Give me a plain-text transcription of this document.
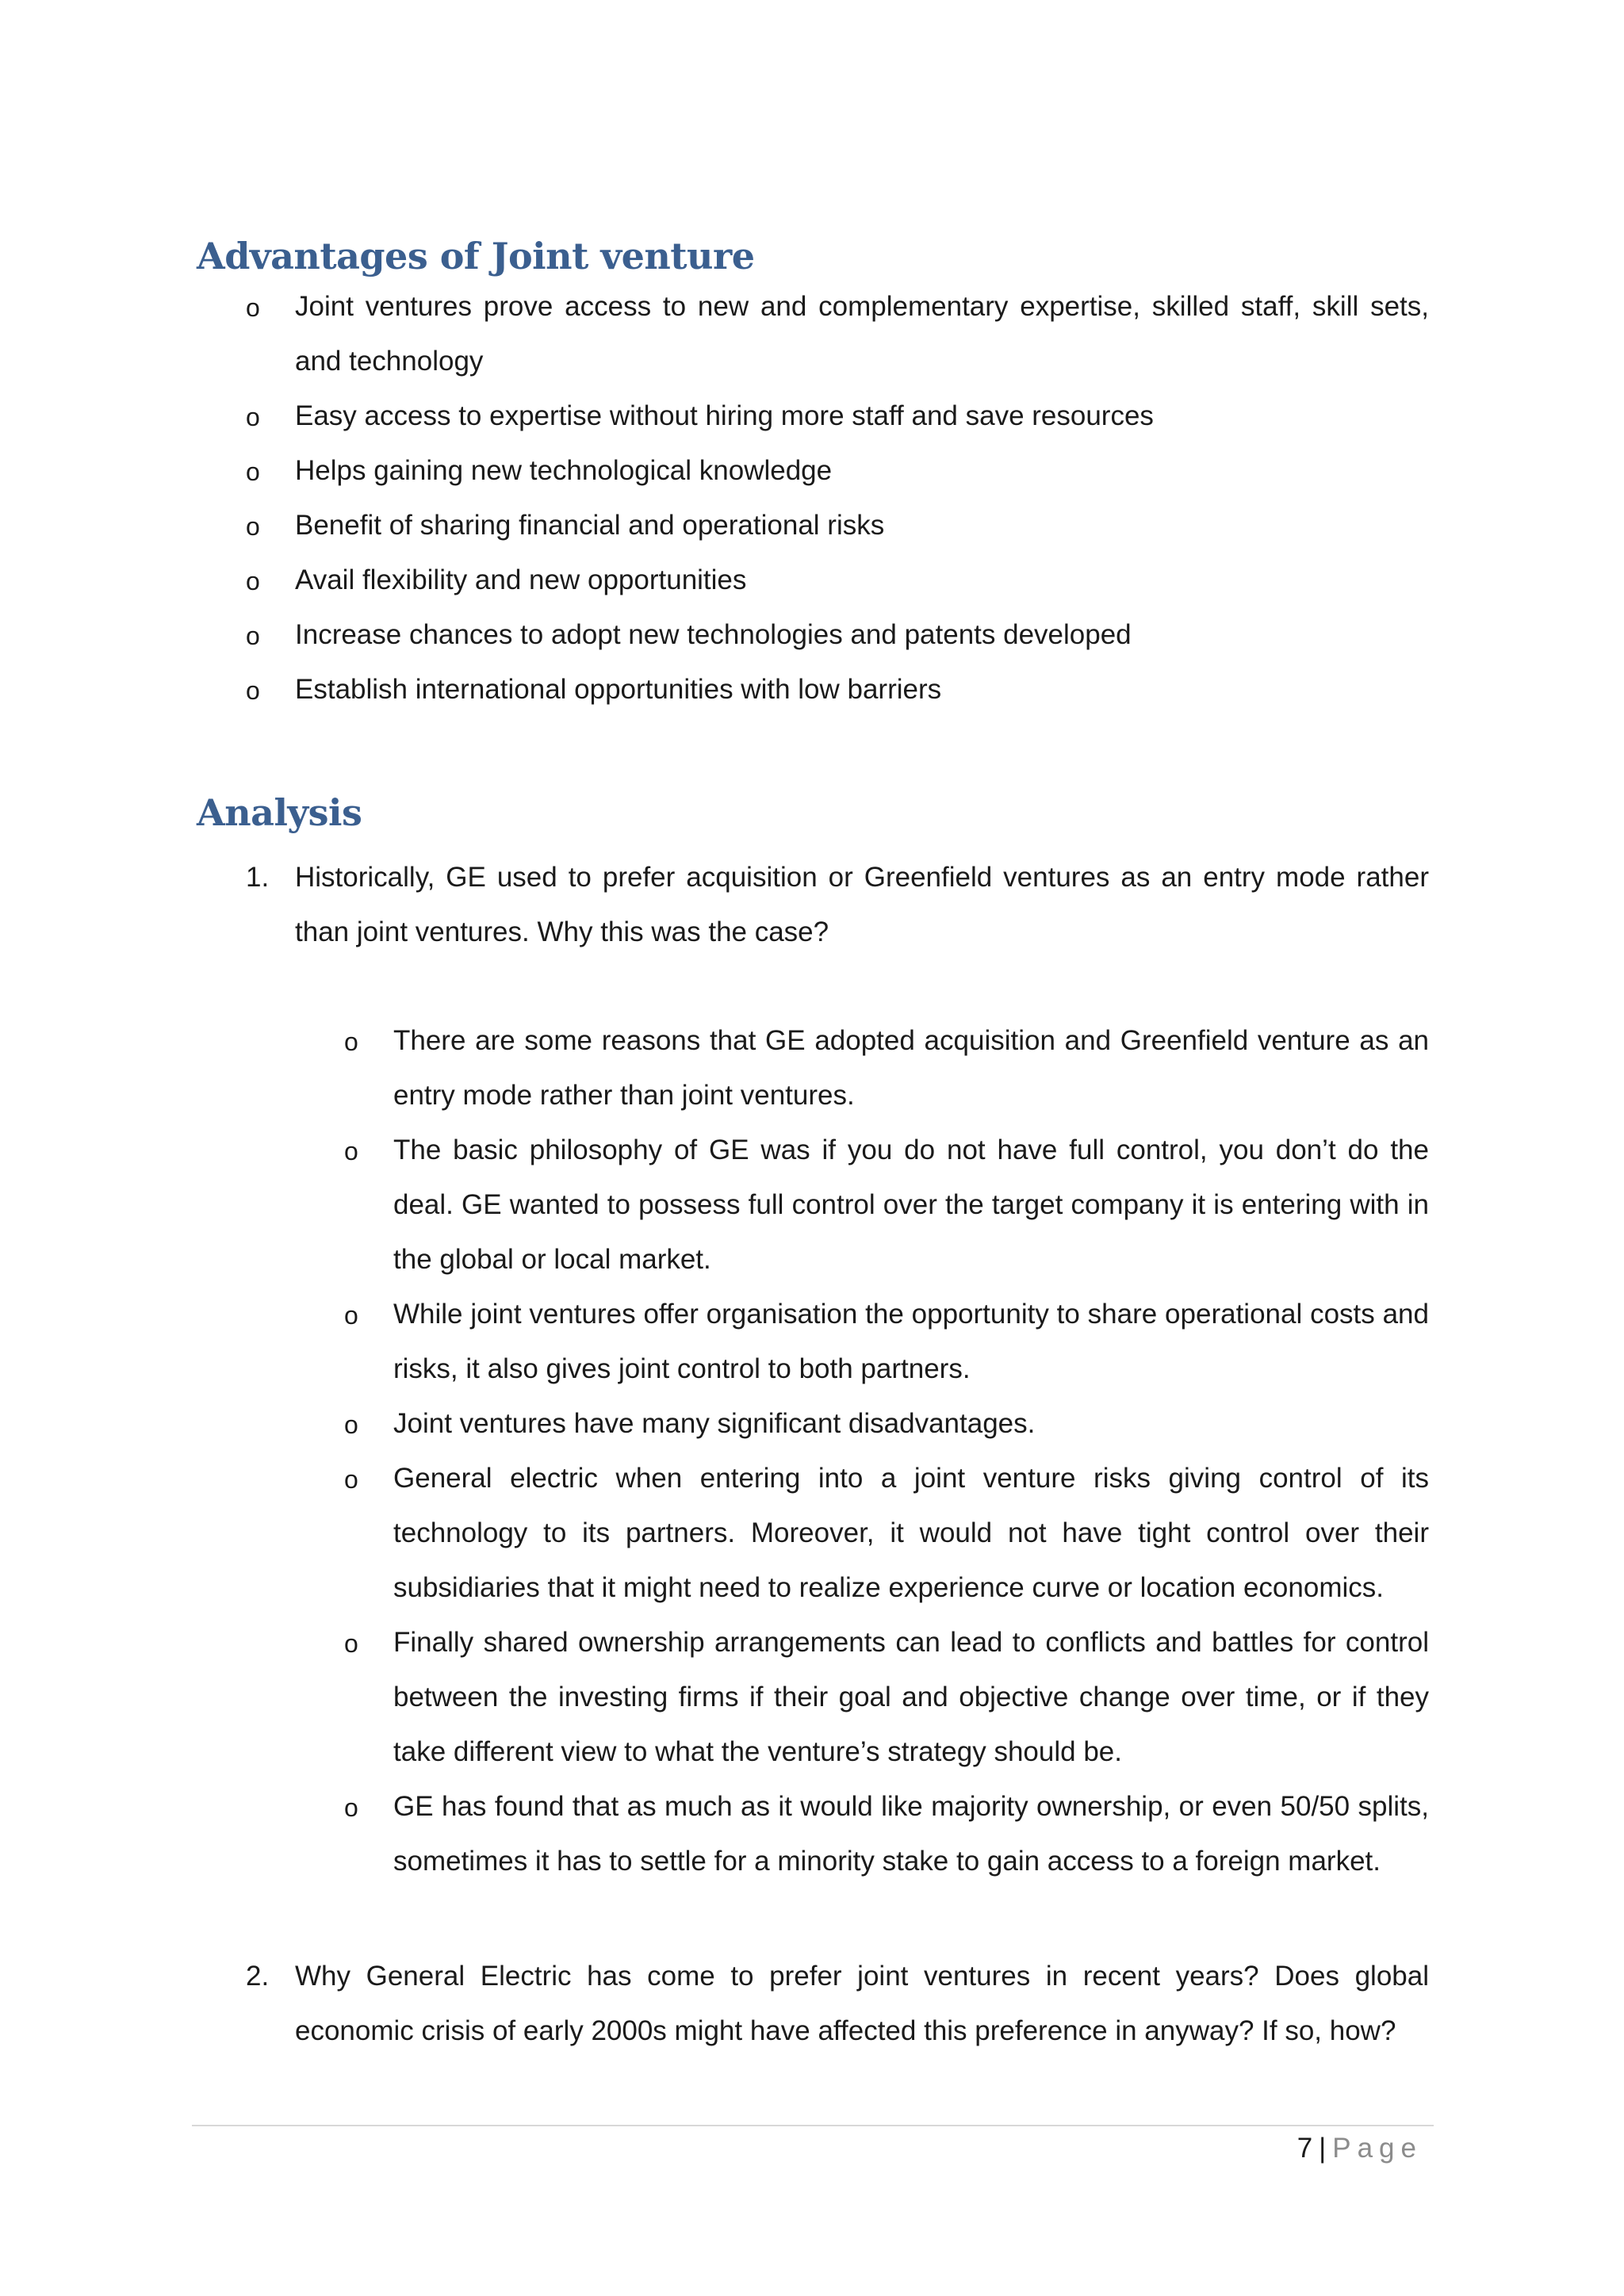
Advantages of Joint venture
o Joint ventures prove access to new and complementary expertise, skilled staff, skill sets, and technology
o Easy access to expertise without hiring more staff and save resources
o Helps gaining new technological knowledge
o Benefit of sharing financial and operational risks
o Avail flexibility and new opportunities
o Increase chances to adopt new technologies and patents developed
o Establish international opportunities with low barriers
Analysis
1. Historically, GE used to prefer acquisition or Greenfield ventures as an entry mode rather than joint ventures. Why this was the case?
o There are some reasons that GE adopted acquisition and Greenfield venture as an entry mode rather than joint ventures.
o The basic philosophy of GE was if you do not have full control, you don’t do the deal. GE wanted to possess full control over the target company it is entering with in the global or local market.
o While joint ventures offer organisation the opportunity to share operational costs and risks, it also gives joint control to both partners.
o Joint ventures have many significant disadvantages.
o General electric when entering into a joint venture risks giving control of its technology to its partners. Moreover, it would not have tight control over their subsidiaries that it might need to realize experience curve or location economics.
o Finally shared ownership arrangements can lead to conflicts and battles for control between the investing firms if their goal and objective change over time, or if they take different view to what the venture’s strategy should be.
o GE has found that as much as it would like majority ownership, or even 50/50 splits, sometimes it has to settle for a minority stake to gain access to a foreign market.
2. Why General Electric has come to prefer joint ventures in recent years? Does global economic crisis of early 2000s might have affected this preference in anyway? If so, how?
7 | Page
